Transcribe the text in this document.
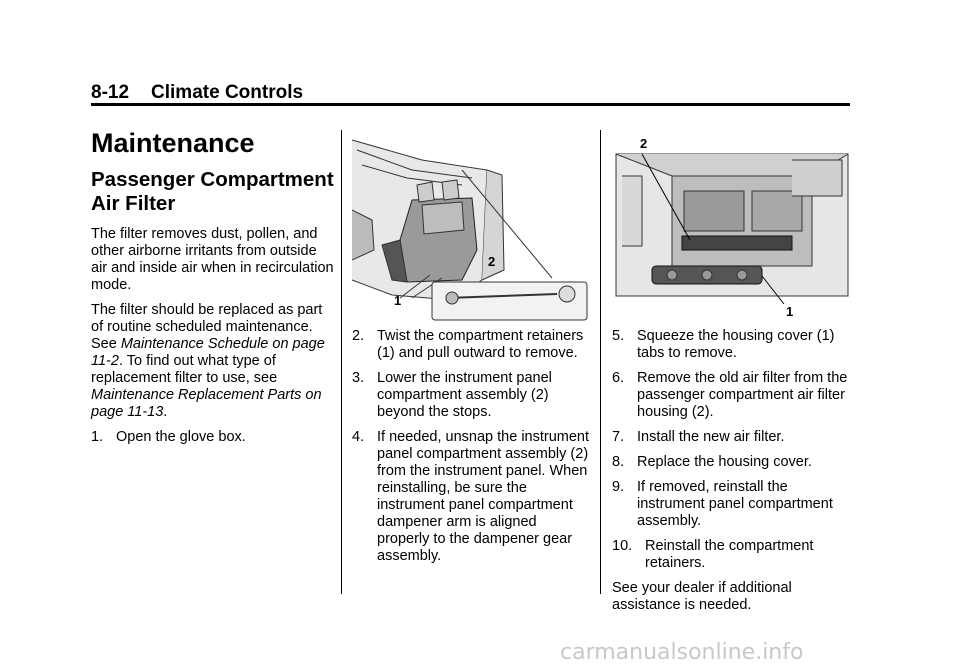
8-12 Climate Controls
Maintenance
Passenger Compartment Air Filter

The filter removes dust, pollen, and other airborne irritants from outside air and inside air when in recirculation mode.

The filter should be replaced as part of routine scheduled maintenance. See Maintenance Schedule on page 11-2. To find out what type of replacement filter to use, see Maintenance Replacement Parts on page 11-13.

1. Open the glove box.
2
1
2
1
2. Twist the compartment retainers (1) and pull outward to remove.
3. Lower the instrument panel compartment assembly (2) beyond the stops.
4. If needed, unsnap the instrument panel compartment assembly (2) from the instrument panel. When reinstalling, be sure the instrument panel compartment dampener arm is aligned properly to the dampener gear assembly.
5. Squeeze the housing cover (1) tabs to remove.
6. Remove the old air filter from the passenger compartment air filter housing (2).
7. Install the new air filter.
8. Replace the housing cover.
9. If removed, reinstall the instrument panel compartment assembly.
10. Reinstall the compartment retainers.

See your dealer if additional assistance is needed.

carmanualsonline.info
